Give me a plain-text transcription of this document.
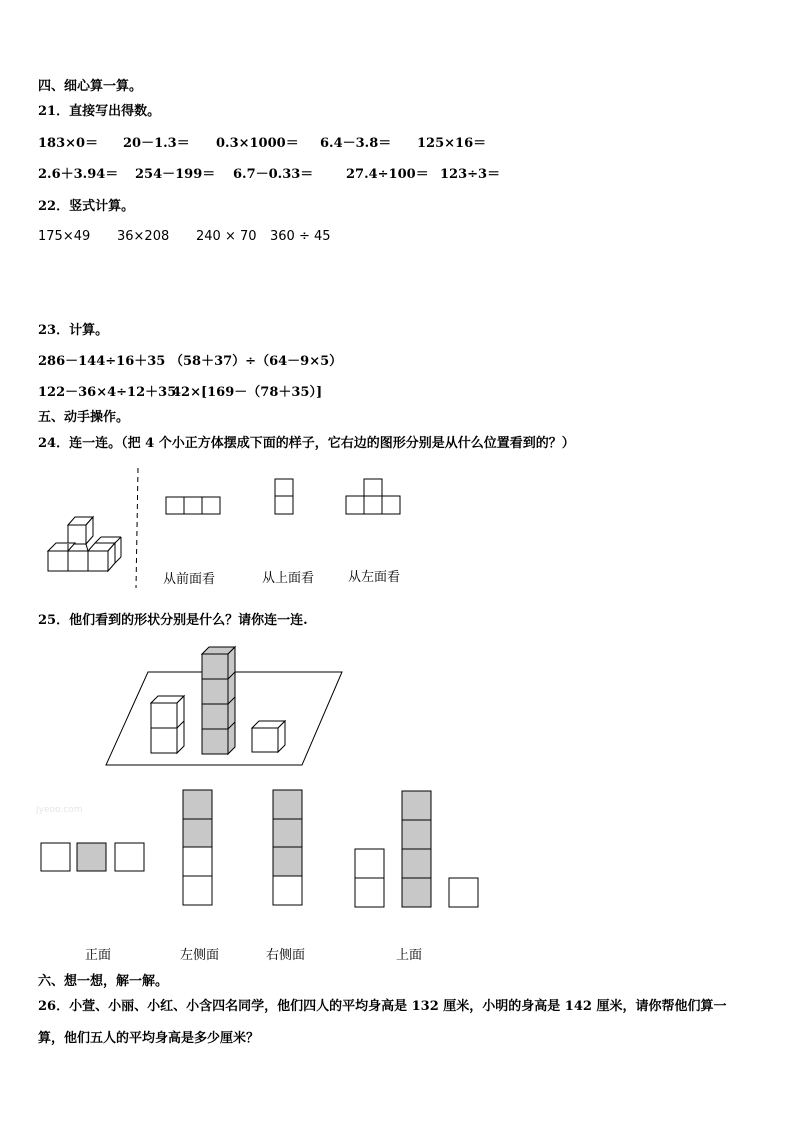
四、细心算一算。
21．直接写出得数。
183×0＝ 20－1.3＝ 0.3×1000＝ 6.4－3.8＝ 125×16＝
2.6＋3.94＝ 254－199＝ 6.7－0.33＝	27.4÷100＝ 123÷3＝
22．竖式计算。
175×49 36×208 240 × 70 360 ÷ 45
23．计算。
286－144÷16＋35 （58＋37）÷（64－9×5）
122－36×4÷12＋35
42×[169－（78＋35）]
五、动手操作。
24．连一连。（把 4 个小正方体摆成下面的样子，它右边的图形分别是从什么位置看到的？）
从前面看	从上面看	从左面看
25．他们看到的形状分别是什么？请你连一连.
Jyeoo.com
正面	左侧面	右侧面	上面
六、想一想，解一解。
26．小萱、小丽、小红、小含四名同学，他们四人的平均身高是 132 厘米，小明的身高是 142 厘米，请你帮他们算一
算，他们五人的平均身高是多少厘米？
